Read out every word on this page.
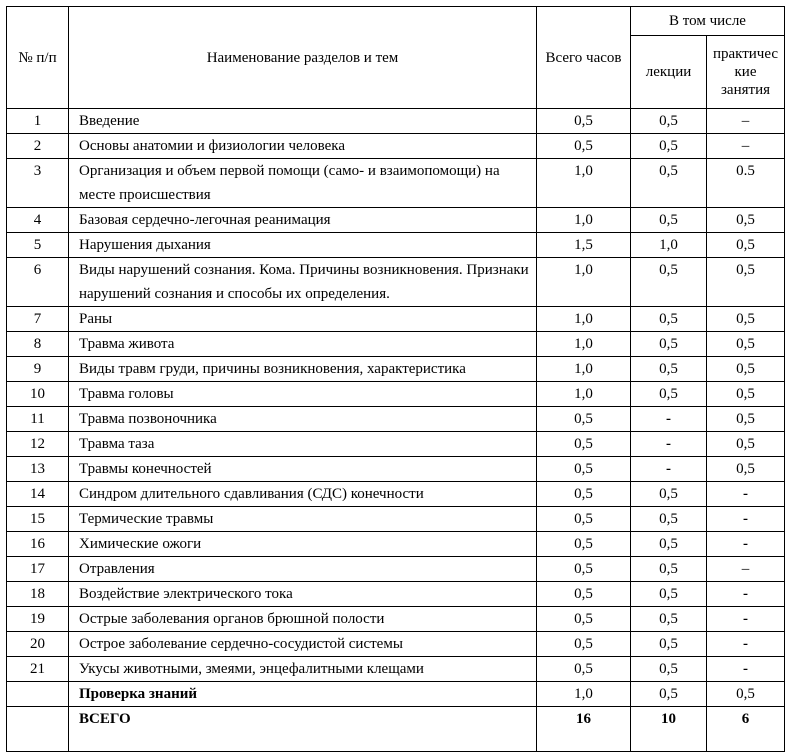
№ п/п	Наименование разделов и тем	Всего часов	В том числе	
			лекции	практичес кие занятия
1	Введение	0,5	0,5	–
2	Основы анатомии и физиологии человека	0,5	0,5	–
3	Организация и объем первой помощи (само- и взаимопомощи) на месте происшествия	1,0	0,5	0.5
4	Базовая сердечно-легочная реанимация	1,0	0,5	0,5
5	Нарушения дыхания	1,5	1,0	0,5
6	Виды нарушений сознания. Кома. Причины возникновения. Признаки нарушений сознания и способы их определения.	1,0	0,5	0,5
7	Раны	1,0	0,5	0,5
8	Травма живота	1,0	0,5	0,5
9	Виды травм груди, причины возникновения, характеристика	1,0	0,5	0,5
10	Травма головы	1,0	0,5	0,5
11	Травма позвоночника	0,5	-	0,5
12	Травма таза	0,5	-	0,5
13	Травмы конечностей	0,5	-	0,5
14	Синдром длительного сдавливания (СДС) конечности	0,5	0,5	-
15	Термические травмы	0,5	0,5	-
16	Химические ожоги	0,5	0,5	-
17	Отравления	0,5	0,5	–
18	Воздействие электрического тока	0,5	0,5	-
19	Острые заболевания органов брюшной полости	0,5	0,5	-
20	Острое заболевание сердечно-сосудистой системы	0,5	0,5	-
21	Укусы животными, змеями, энцефалитными клещами	0,5	0,5	-
	Проверка знаний	1,0	0,5	0,5
	ВСЕГО	16	10	6
